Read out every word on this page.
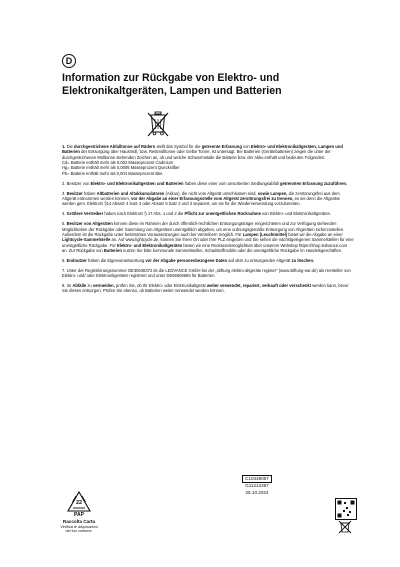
D
Information zur Rückgabe von Elektro- und Elektronikaltgeräten, Lampen und Batterien

1. Die durchgestrichene Abfalltonne auf Rädern stellt das Symbol für die getrennte Erfassung von Elektro- und Elektronikaltgeräten, Lampen und Batterien der Entsorgung über Hausmüll, bzw. Restmülltonne oder Gelbe Tonne, ist untersagt. Bei Batterien (Gerätebatterien) zeigen die unter der durchgestrichenen Mülltonne stehenden Zeichen an, ob und welche Schwermetalle die Batterie bzw. der Akku enthält und bedeuten Folgendes:
Cd= Batterie enthält mehr als 0,002 Masseprozent Cadmium
Hg= Batterie enthält mehr als 0,0005 Masseprozent Quecksilber
Pb= Batterie enthält mehr als 0,004 Masseprozent Blei.

2. Besitzer von Elektro- und Elektronikaltgeräten und Batterien haben diese einer vom unsortierten Siedlungsabfall getrennten Erfassung zuzuführen.

3. Besitzer haben Altbatterien und Altakkumulatoren (Akkus), die nicht vom Altgerät umschlossen sind, sowie Lampen, die zerstörungsfrei aus dem Altgerät entnommen werden können, vor der Abgabe an einer Erfassungsstelle vom Altgerät zerstörungsfrei zu trennen, es sei denn die Altgeräte werden gem. ElektroG §14 Absatz 4 Satz 4 oder Absatz 5 Satz 2 und 3 separiert, um sie für die Wiederverwendung vorzubereiten.

4. Größere Vertreiber haben nach ElektroG § 17 Abs. 1 und 2 die Pflicht zur unentgeltlichen Rücknahme von Elektro- und Elektronikaltgeräten.

5. Besitzer von Altgeräten können diese im Rahmen der durch öffentlich-rechtlichen Entsorgungsträger eingerichteten und zur Verfügung stehenden Möglichkeiten der Rückgabe oder Sammlung von Altgeräten unentgeltlich abgeben, um eine ordnungsgemäße Entsorgung von Altgeräten sicherzustellen. Außerdem ist die Rückgabe unter bestimmten Voraussetzungen auch bei Vertreibern möglich. Für Lampen (Leuchtmittel) bietet wir die Abgabe an einer Lightcycle-Sammelstelle an. Auf www.lightcycle.de, können Sie Ihren Ort oder Ihre PLZ eingeben und Sie sehen die nächstgelegenen Sammelstellen für eine unentgeltliche Rückgabe. Für Elektro- und Elektronikaltgeräten bieten wir eine Rücksendemöglichkeit über unserem Webshop https://shop.ledvance.com an. Zur Rückgabe von Batterien nutzen Sie bitte kommunale Sammelstellen, Schadstoffmobile oder die unentgeltliche Rückgabe im Handelsgeschäften.

6. Endnutzer haben die Eigenverantwortung vor der Abgabe personenbezogene Daten auf dem zu entsorgenden Altgerät zu löschen.

7. Unter der Registrierungsnummer DE30638372 ist die LEDVANCE GmbH bei der „stiftung elektro-altgeräte register“ (www.stiftung-ear.de) als Hersteller von Elektro- und/ oder Elektronikgeräten registriert und unter DE66606655 für Batterien.

8. Im Abfälle zu vermeiden, prüfen Sie, ob Ihr Elektro- oder Elektronikaltgerät weiter verwendet, repariert, verkauft oder verschenkt werden kann, bevor Sie dieses entsorgen. Prüfen Sie ebenso, ob Batterien weiter verwendet werden können.

C10449057
G11212367
25.10.2024
22
PAP
Raccolta Carta
Verifica le disposizioni
del tuo comune.
